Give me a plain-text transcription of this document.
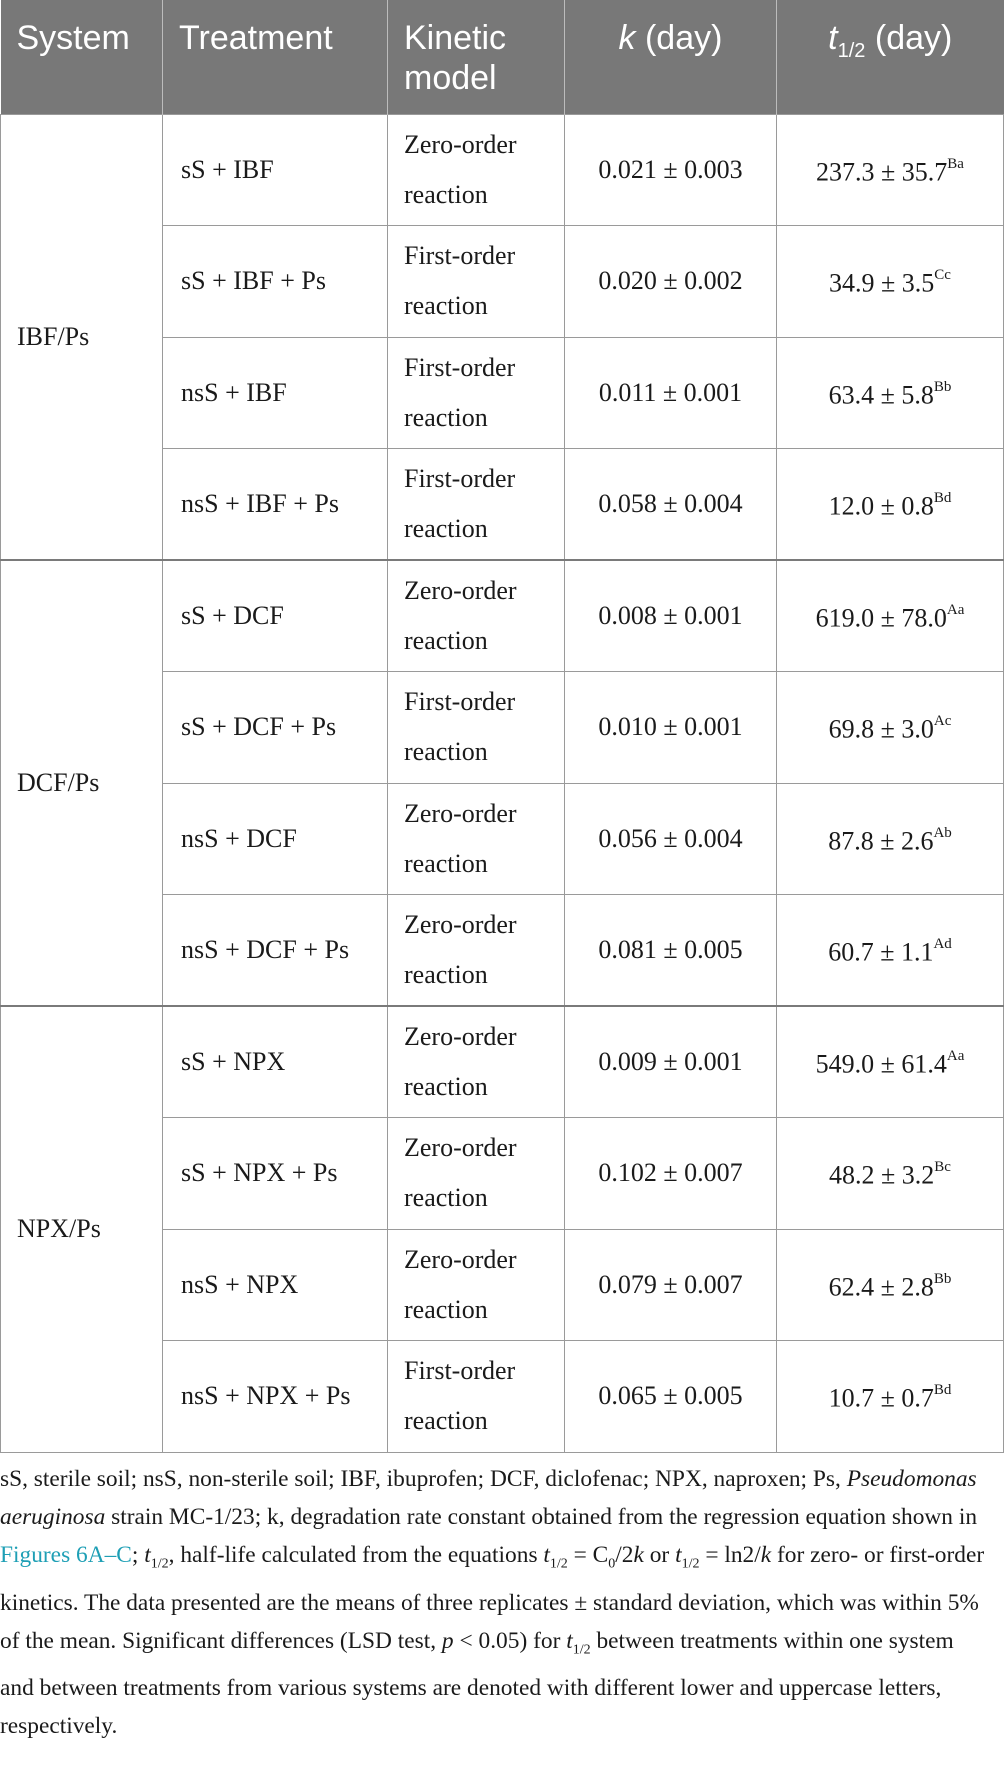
System	Treatment	Kinetic model	k (day)	$t_{1/2}$ (day)
IBF/Ps	sS + IBF	Zero-order reaction	0.021 ± 0.003	$237.3 \pm 35.7^{Ba}$
	sS + IBF + Ps	First-order reaction	0.020 ± 0.002	$34.9 \pm 3.5^{Cc}$
	nsS + IBF	First-order reaction	0.011 ± 0.001	$63.4 \pm 5.8^{Bb}$
	nsS + IBF + Ps	First-order reaction	0.058 ± 0.004	$12.0 \pm 0.8^{Bd}$
DCF/Ps	sS + DCF	Zero-order reaction	0.008 ± 0.001	$619.0 \pm 78.0^{Aa}$
	sS + DCF + Ps	First-order reaction	0.010 ± 0.001	$69.8 \pm 3.0^{Ac}$
	nsS + DCF	Zero-order reaction	0.056 ± 0.004	$87.8 \pm 2.6^{Ab}$
	nsS + DCF + Ps	Zero-order reaction	0.081 ± 0.005	$60.7 \pm 1.1^{Ad}$
NPX/Ps	sS + NPX	Zero-order reaction	0.009 ± 0.001	$549.0 \pm 61.4^{Aa}$
	sS + NPX + Ps	Zero-order reaction	0.102 ± 0.007	$48.2 \pm 3.2^{Bc}$
	nsS + NPX	Zero-order reaction	0.079 ± 0.007	$62.4 \pm 2.8^{Bb}$
	nsS + NPX + Ps	First-order reaction	0.065 ± 0.005	$10.7 \pm 0.7^{Bd}$
sS, sterile soil; nsS, non-sterile soil; IBF, ibuprofen; DCF, diclofenac; NPX, naproxen; Ps, Pseudomonas aeruginosa strain MC-1/23; k, degradation rate constant obtained from the regression equation shown in Figures 6A–C; $t_{1/2}$, half-life calculated from the equations $t_{1/2} = C_0/2k$ or $t_{1/2} = \ln 2/k$ for zero- or first-order kinetics. The data presented are the means of three replicates ± standard deviation, which was within 5% of the mean. Significant differences (LSD test, p < 0.05) for $t_{1/2}$ between treatments within one system and between treatments from various systems are denoted with different lower and uppercase letters, respectively.
